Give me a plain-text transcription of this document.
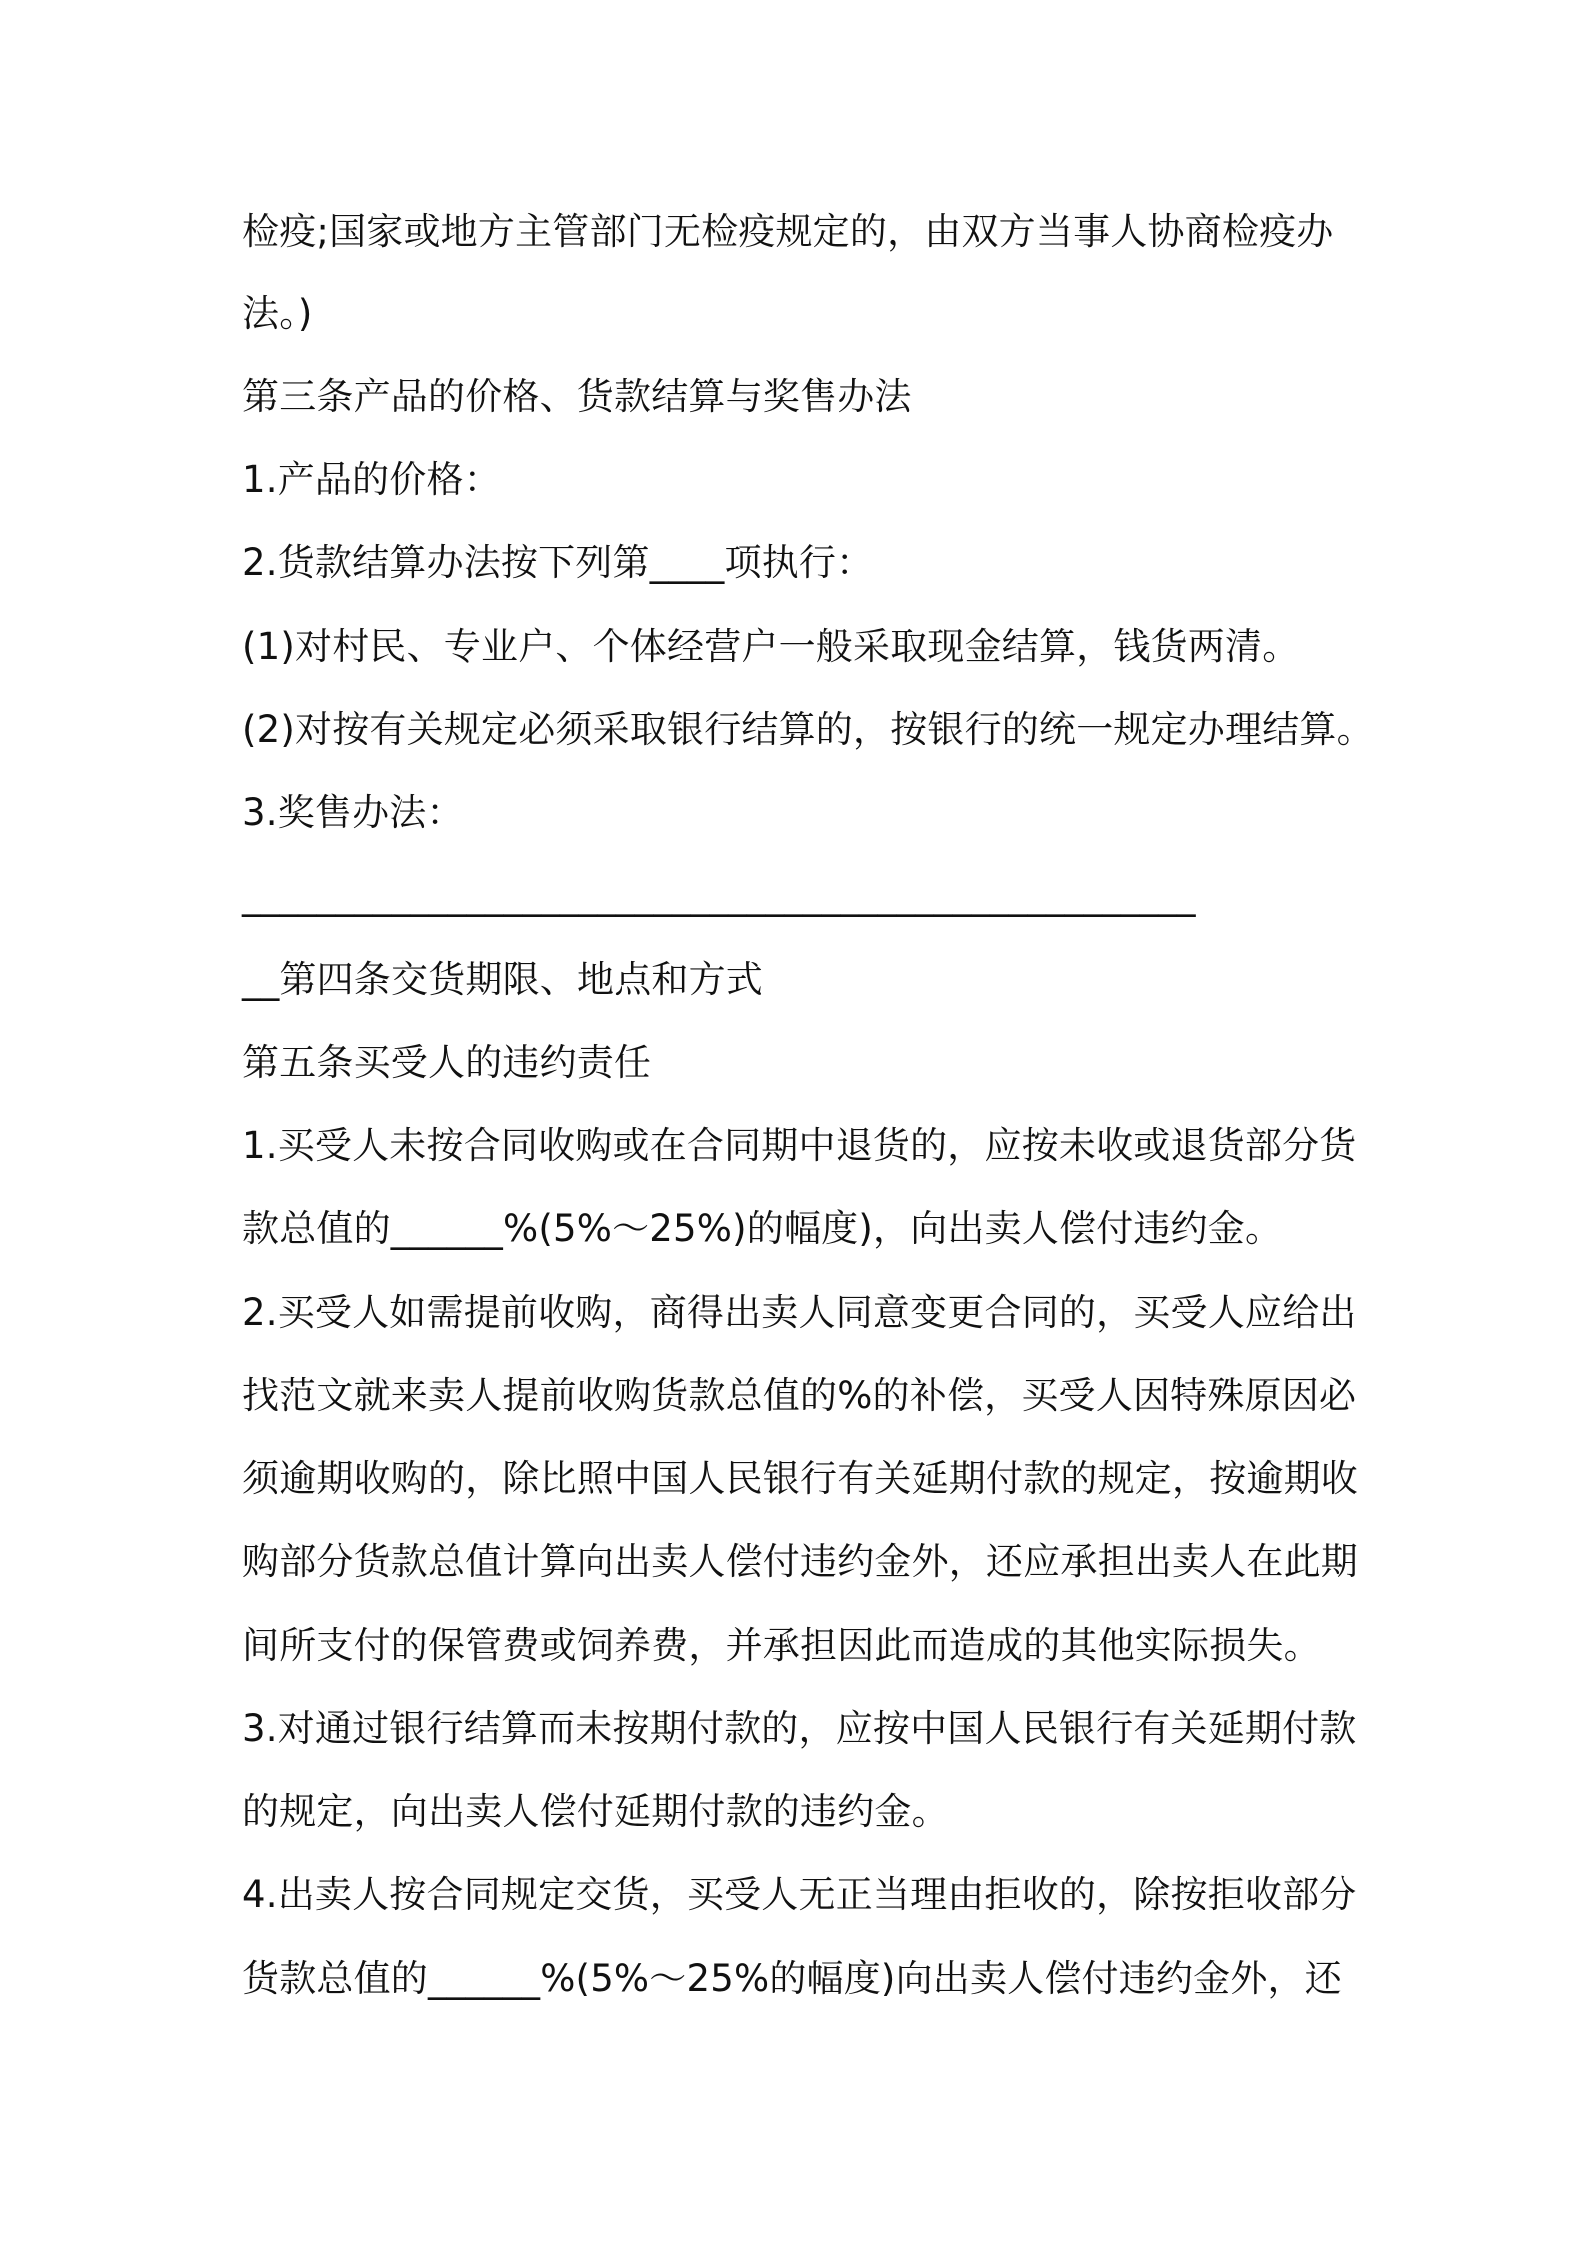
检疫;国家或地方主管部门无检疫规定的，由双方当事人协商检疫办

法。)

第三条产品的价格、货款结算与奖售办法

1.产品的价格：

2.货款结算办法按下列第____项执行：

(1)对村民、专业户、个体经营户一般采取现金结算，钱货两清。

(2)对按有关规定必须采取银行结算的，按银行的统一规定办理结算。

3.奖售办法：

___________________________________________________

__第四条交货期限、地点和方式

第五条买受人的违约责任

1.买受人未按合同收购或在合同期中退货的，应按未收或退货部分货

款总值的______%(5%～25%)的幅度)，向出卖人偿付违约金。

2.买受人如需提前收购，商得出卖人同意变更合同的，买受人应给出

找范文就来卖人提前收购货款总值的%的补偿，买受人因特殊原因必

须逾期收购的，除比照中国人民银行有关延期付款的规定，按逾期收

购部分货款总值计算向出卖人偿付违约金外，还应承担出卖人在此期

间所支付的保管费或饲养费，并承担因此而造成的其他实际损失。

3.对通过银行结算而未按期付款的，应按中国人民银行有关延期付款

的规定，向出卖人偿付延期付款的违约金。

4.出卖人按合同规定交货，买受人无正当理由拒收的，除按拒收部分

货款总值的______%(5%～25%的幅度)向出卖人偿付违约金外，还
